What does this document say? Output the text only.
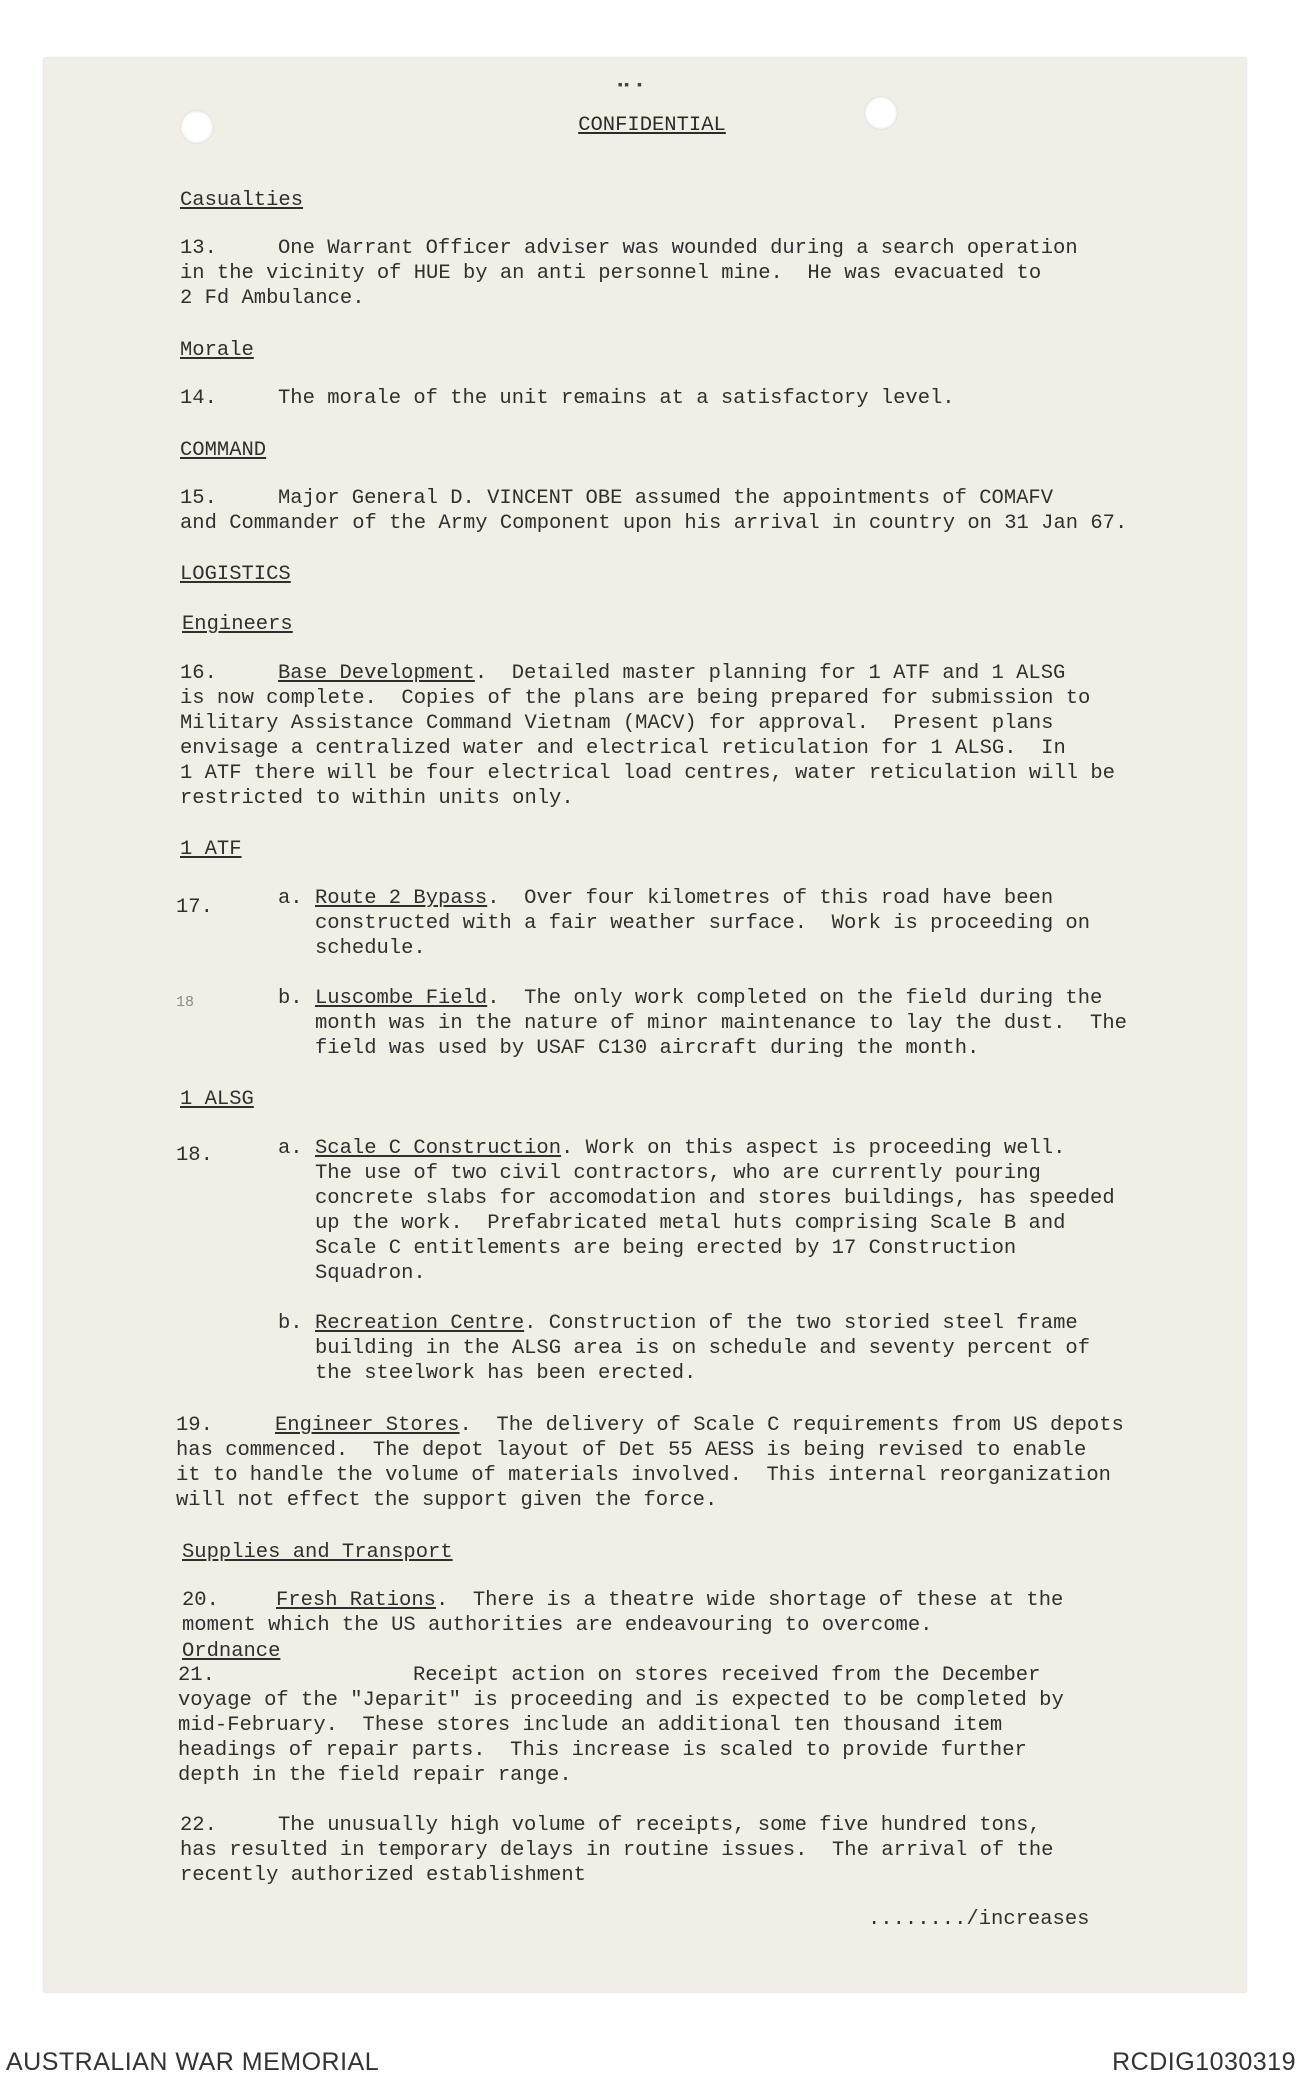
▪▪ ▪
CONFIDENTIAL
Casualties
13.	One Warrant Officer adviser was wounded during a search operation
in the vicinity of HUE by an anti personnel mine.  He was evacuated to
2 Fd Ambulance.
Morale
14.	The morale of the unit remains at a satisfactory level.
COMMAND
15.	Major General D. VINCENT OBE assumed the appointments of COMAFV
and Commander of the Army Component upon his arrival in country on 31 Jan 67.
LOGISTICS
Engineers
16.	Base Development.  Detailed master planning for 1 ATF and 1 ALSG
is now complete.  Copies of the plans are being prepared for submission to
Military Assistance Command Vietnam (MACV) for approval.  Present plans
envisage a centralized water and electrical reticulation for 1 ALSG.  In
1 ATF there will be four electrical load centres, water reticulation will be
restricted to within units only.
1 ATF
17.	a. Route 2 Bypass.  Over four kilometres of this road have been
constructed with a fair weather surface.  Work is proceeding on
schedule.
18	b. Luscombe Field.  The only work completed on the field during the
month was in the nature of minor maintenance to lay the dust.  The
field was used by USAF C130 aircraft during the month.
1 ALSG
18.	a. Scale C Construction. Work on this aspect is proceeding well.
The use of two civil contractors, who are currently pouring
concrete slabs for accomodation and stores buildings, has speeded
up the work.  Prefabricated metal huts comprising Scale B and
Scale C entitlements are being erected by 17 Construction
Squadron.
b. Recreation Centre. Construction of the two storied steel frame
building in the ALSG area is on schedule and seventy percent of
the steelwork has been erected.
19.	Engineer Stores.  The delivery of Scale C requirements from US depots
has commenced.  The depot layout of Det 55 AESS is being revised to enable
it to handle the volume of materials involved.  This internal reorganization
will not effect the support given the force.
Supplies and Transport
20.	Fresh Rations.  There is a theatre wide shortage of these at the
moment which the US authorities are endeavouring to overcome.
Ordnance
21.	Receipt action on stores received from the December
voyage of the "Jeparit" is proceeding and is expected to be completed by
mid-February.  These stores include an additional ten thousand item
headings of repair parts.  This increase is scaled to provide further
depth in the field repair range.
22.	The unusually high volume of receipts, some five hundred tons,
has resulted in temporary delays in routine issues.  The arrival of the
recently authorized establishment
......../increases
AUSTRALIAN WAR MEMORIAL	RCDIG1030319
